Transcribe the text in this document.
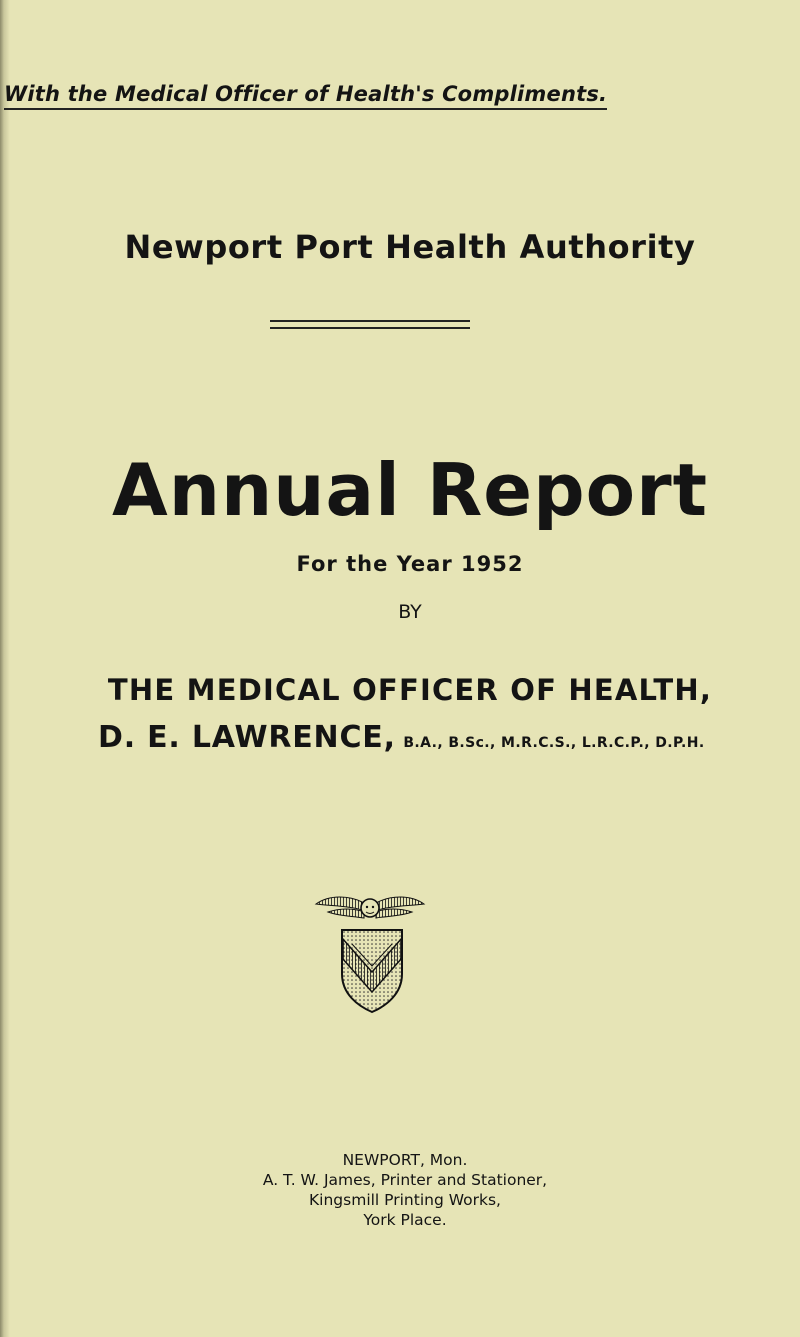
With the Medical Officer of Health's Compliments.
Newport Port Health Authority
Annual Report
For the Year 1952
BY
THE MEDICAL OFFICER OF HEALTH,
D. E. LAWRENCE, B.A., B.Sc., M.R.C.S., L.R.C.P., D.P.H.
NEWPORT, Mon.
A. T. W. James, Printer and Stationer,
Kingsmill Printing Works,
York Place.
